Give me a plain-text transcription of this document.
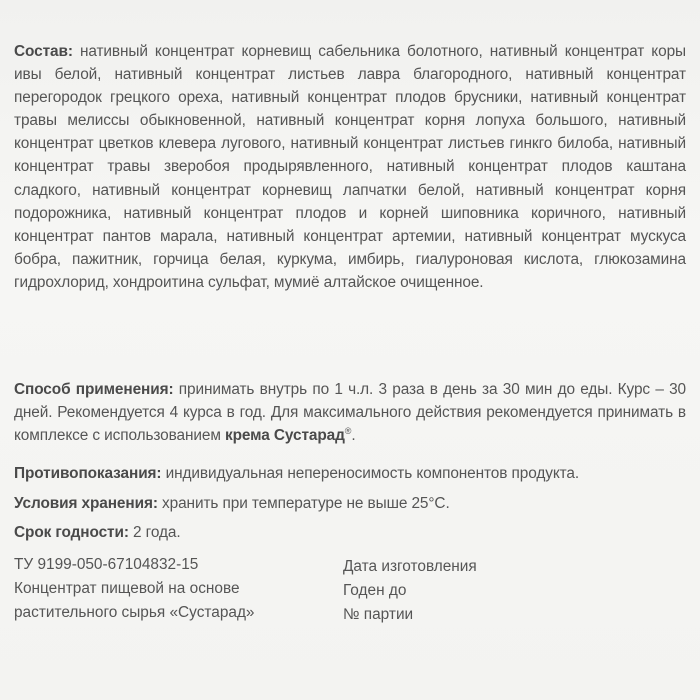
Состав: нативный концентрат корневищ сабельника болотного, нативный концентрат коры ивы белой, нативный концентрат листьев лавра благородного, нативный концентрат перегородок грецкого ореха, нативный концентрат плодов брусники, нативный концентрат травы мелиссы обыкновенной, нативный концентрат корня лопуха большого, нативный концентрат цветков клевера лугового, нативный концентрат листьев гинкго билоба, нативный концентрат травы зверобоя продырявленного, нативный концентрат плодов каштана сладкого, нативный концентрат корневищ лапчатки белой, нативный концентрат корня подорожника, нативный концентрат плодов и корней шиповника коричного, нативный концентрат пантов марала, нативный концентрат артемии, нативный концентрат мускуса бобра, пажитник, горчица белая, куркума, имбирь, гиалуроновая кислота, глюкозамина гидрохлорид, хондроитина сульфат, мумиё алтайское очищенное.
Способ применения: принимать внутрь по 1 ч.л. 3 раза в день за 30 мин до еды. Курс – 30 дней. Рекомендуется 4 курса в год. Для максимального действия рекомендуется принимать в комплексе с использованием крема Сустарад®.
Противопоказания: индивидуальная непереносимость компонентов продукта.
Условия хранения: хранить при температуре не выше 25°С.
Срок годности: 2 года.
ТУ 9199-050-67104832-15
Концентрат пищевой на основе
растительного сырья «Сустарад»
Дата изготовления
Годен до
№ партии
